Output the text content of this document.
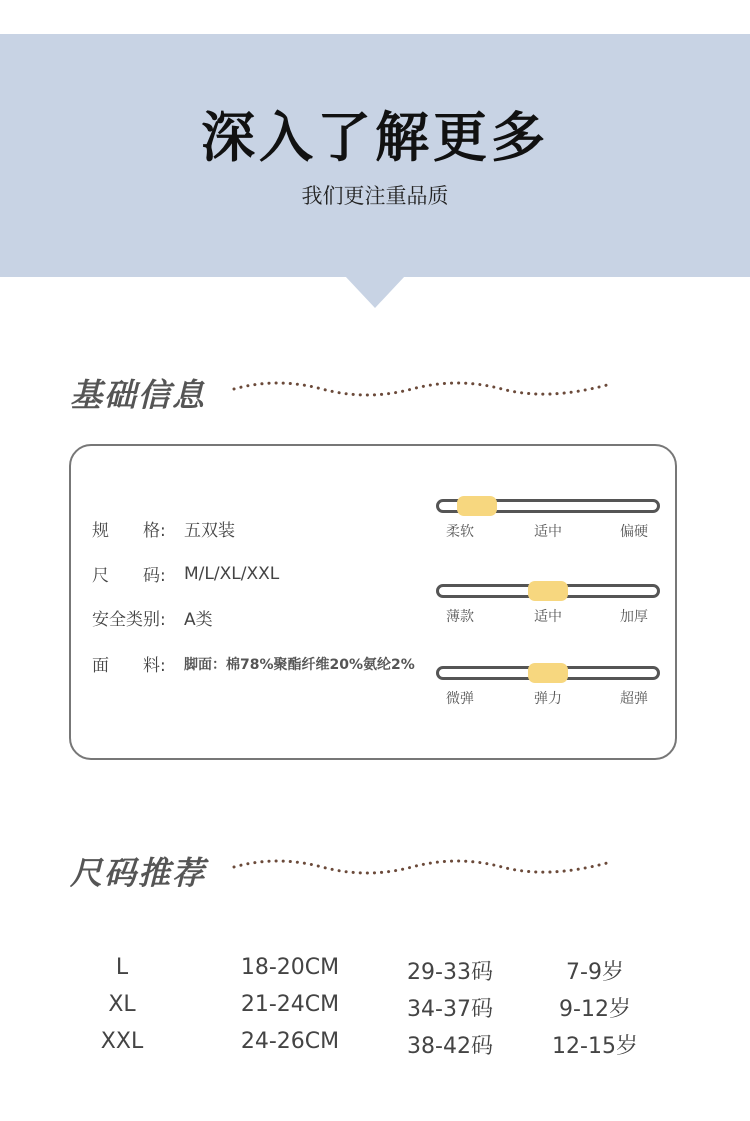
深入了解更多
我们更注重品质
基础信息
规　　格:	五双装
尺　　码:	M/L/XL/XXL
安全类别:	A类
面　　料:	脚面：棉78%聚酯纤维20%氨纶2%
柔软	适中	偏硬
薄款	适中	加厚
微弹	弹力	超弹
尺码推荐
L	18-20CM	29-33码	7-9岁
XL	21-24CM	34-37码	9-12岁
XXL	24-26CM	38-42码	12-15岁
